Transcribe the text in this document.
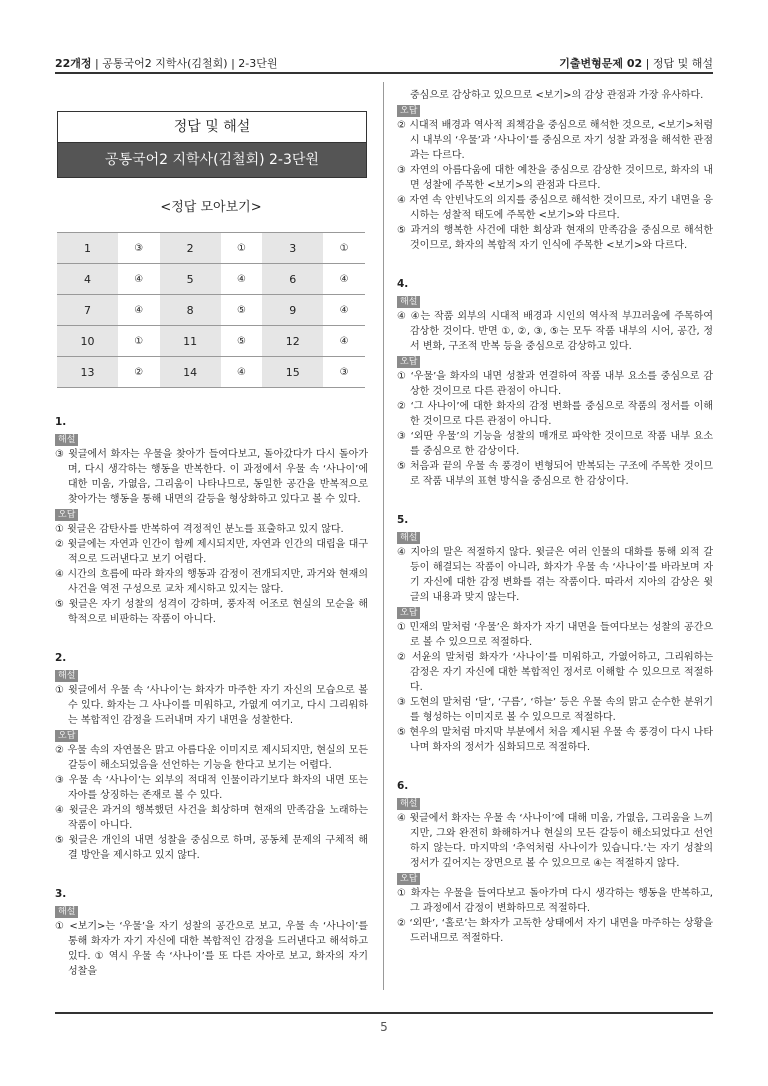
22개정 | 공통국어2 지학사(김철회) | 2-3단원	기출변형문제 02 | 정답 및 해설
정답 및 해설
공통국어2 지학사(김철회) 2-3단원
<정답 모아보기>
1	③	2	①	3	①
4	④	5	④	6	④
7	④	8	⑤	9	④
10	①	11	⑤	12	④
13	②	14	④	15	③
1.
해설
③ 윗글에서 화자는 우물을 찾아가 들여다보고, 돌아갔다가 다시 돌아가며, 다시 생각하는 행동을 반복한다. 이 과정에서 우물 속 ‘사나이’에 대한 미움, 가엾음, 그리움이 나타나므로, 동일한 공간을 반복적으로 찾아가는 행동을 통해 내면의 갈등을 형상화하고 있다고 볼 수 있다.
오답
① 윗글은 감탄사를 반복하여 격정적인 분노를 표출하고 있지 않다.
② 윗글에는 자연과 인간이 함께 제시되지만, 자연과 인간의 대립을 대구적으로 드러낸다고 보기 어렵다.
④ 시간의 흐름에 따라 화자의 행동과 감정이 전개되지만, 과거와 현재의 사건을 역전 구성으로 교차 제시하고 있지는 않다.
⑤ 윗글은 자기 성찰의 성격이 강하며, 풍자적 어조로 현실의 모순을 해학적으로 비판하는 작품이 아니다.
2.
해설
① 윗글에서 우물 속 ‘사나이’는 화자가 마주한 자기 자신의 모습으로 볼 수 있다. 화자는 그 사나이를 미워하고, 가엾게 여기고, 다시 그리워하는 복합적인 감정을 드러내며 자기 내면을 성찰한다.
오답
② 우물 속의 자연물은 맑고 아름다운 이미지로 제시되지만, 현실의 모든 갈등이 해소되었음을 선언하는 기능을 한다고 보기는 어렵다.
③ 우물 속 ‘사나이’는 외부의 적대적 인물이라기보다 화자의 내면 또는 자아를 상징하는 존재로 볼 수 있다.
④ 윗글은 과거의 행복했던 사건을 회상하며 현재의 만족감을 노래하는 작품이 아니다.
⑤ 윗글은 개인의 내면 성찰을 중심으로 하며, 공동체 문제의 구체적 해결 방안을 제시하고 있지 않다.
3.
해설
① <보기>는 ‘우물’을 자기 성찰의 공간으로 보고, 우물 속 ‘사나이’를 통해 화자가 자기 자신에 대한 복합적인 감정을 드러낸다고 해석하고 있다. ① 역시 우물 속 ‘사나이’를 또 다른 자아로 보고, 화자의 자기 성찰을
중심으로 감상하고 있으므로 <보기>의 감상 관점과 가장 유사하다.
오답
② 시대적 배경과 역사적 죄책감을 중심으로 해석한 것으로, <보기>처럼 시 내부의 ‘우물’과 ‘사나이’를 중심으로 자기 성찰 과정을 해석한 관점과는 다르다.
③ 자연의 아름다움에 대한 예찬을 중심으로 감상한 것이므로, 화자의 내면 성찰에 주목한 <보기>의 관점과 다르다.
④ 자연 속 안빈낙도의 의지를 중심으로 해석한 것이므로, 자기 내면을 응시하는 성찰적 태도에 주목한 <보기>와 다르다.
⑤ 과거의 행복한 사건에 대한 회상과 현재의 만족감을 중심으로 해석한 것이므로, 화자의 복합적 자기 인식에 주목한 <보기>와 다르다.
4.
해설
④ ④는 작품 외부의 시대적 배경과 시인의 역사적 부끄러움에 주목하여 감상한 것이다. 반면 ①, ②, ③, ⑤는 모두 작품 내부의 시어, 공간, 정서 변화, 구조적 반복 등을 중심으로 감상하고 있다.
오답
① ‘우물’을 화자의 내면 성찰과 연결하여 작품 내부 요소를 중심으로 감상한 것이므로 다른 관점이 아니다.
② ‘그 사나이’에 대한 화자의 감정 변화를 중심으로 작품의 정서를 이해한 것이므로 다른 관점이 아니다.
③ ‘외딴 우물’의 기능을 성찰의 매개로 파악한 것이므로 작품 내부 요소를 중심으로 한 감상이다.
⑤ 처음과 끝의 우물 속 풍경이 변형되어 반복되는 구조에 주목한 것이므로 작품 내부의 표현 방식을 중심으로 한 감상이다.
5.
해설
④ 지아의 말은 적절하지 않다. 윗글은 여러 인물의 대화를 통해 외적 갈등이 해결되는 작품이 아니라, 화자가 우물 속 ‘사나이’를 바라보며 자기 자신에 대한 감정 변화를 겪는 작품이다. 따라서 지아의 감상은 윗글의 내용과 맞지 않는다.
오답
① 민재의 말처럼 ‘우물’은 화자가 자기 내면을 들여다보는 성찰의 공간으로 볼 수 있으므로 적절하다.
② 서윤의 말처럼 화자가 ‘사나이’를 미워하고, 가엾어하고, 그리워하는 감정은 자기 자신에 대한 복합적인 정서로 이해할 수 있으므로 적절하다.
③ 도현의 말처럼 ‘달’, ‘구름’, ‘하늘’ 등은 우물 속의 맑고 순수한 분위기를 형성하는 이미지로 볼 수 있으므로 적절하다.
⑤ 현우의 말처럼 마지막 부분에서 처음 제시된 우물 속 풍경이 다시 나타나며 화자의 정서가 심화되므로 적절하다.
6.
해설
④ 윗글에서 화자는 우물 속 ‘사나이’에 대해 미움, 가엾음, 그리움을 느끼지만, 그와 완전히 화해하거나 현실의 모든 갈등이 해소되었다고 선언하지 않는다. 마지막의 ‘추억처럼 사나이가 있습니다.’는 자기 성찰의 정서가 깊어지는 장면으로 볼 수 있으므로 ④는 적절하지 않다.
오답
① 화자는 우물을 들여다보고 돌아가며 다시 생각하는 행동을 반복하고, 그 과정에서 감정이 변화하므로 적절하다.
② ‘외딴’, ‘홀로’는 화자가 고독한 상태에서 자기 내면을 마주하는 상황을 드러내므로 적절하다.
5
